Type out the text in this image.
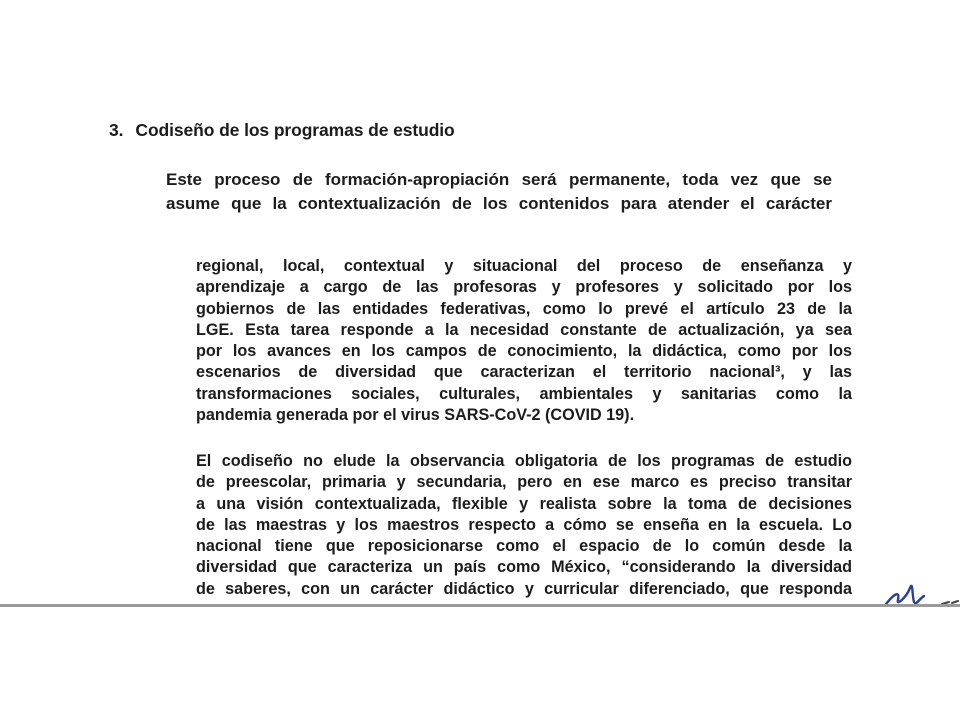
3. Codiseño de los programas de estudio
Este proceso de formación-apropiación será permanente, toda vez que se
asume que la contextualización de los contenidos para atender el carácter
regional, local, contextual y situacional del proceso de enseñanza y
aprendizaje a cargo de las profesoras y profesores y solicitado por los
gobiernos de las entidades federativas, como lo prevé el artículo 23 de la
LGE. Esta tarea responde a la necesidad constante de actualización, ya sea
por los avances en los campos de conocimiento, la didáctica, como por los
escenarios de diversidad que caracterizan el territorio nacional³, y las
transformaciones sociales, culturales, ambientales y sanitarias como la
pandemia generada por el virus SARS-CoV-2 (COVID 19).
El codiseño no elude la observancia obligatoria de los programas de estudio
de preescolar, primaria y secundaria, pero en ese marco es preciso transitar
a una visión contextualizada, flexible y realista sobre la toma de decisiones
de las maestras y los maestros respecto a cómo se enseña en la escuela. Lo
nacional tiene que reposicionarse como el espacio de lo común desde la
diversidad que caracteriza un país como México, “considerando la diversidad
de saberes, con un carácter didáctico y curricular diferenciado, que responda
